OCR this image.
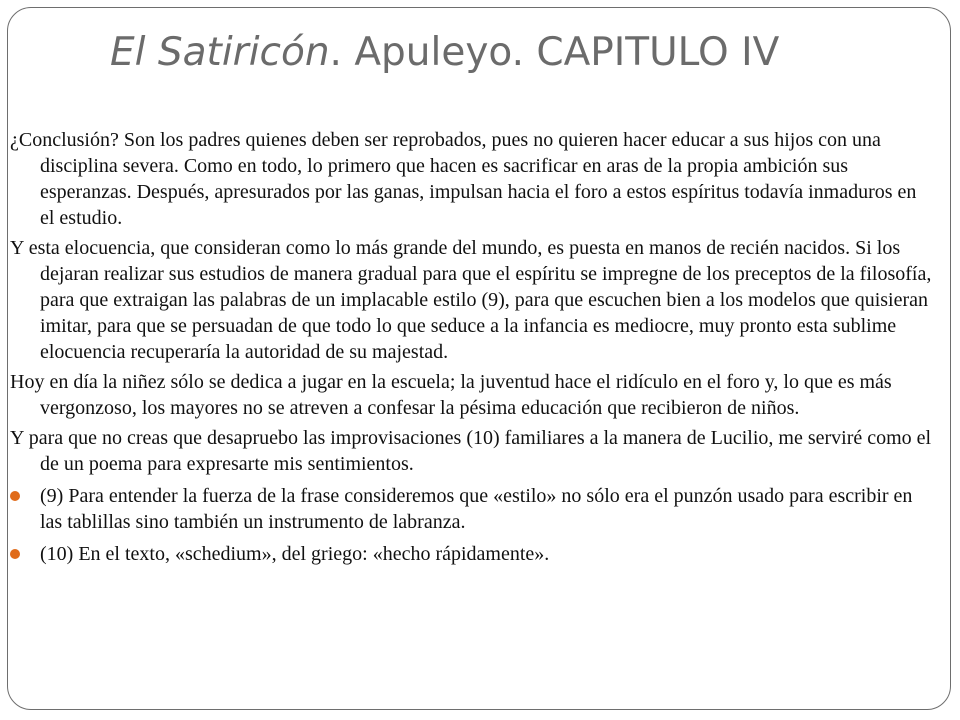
El Satiricón. Apuleyo. CAPITULO IV

¿Conclusión? Son los padres quienes deben ser reprobados, pues no quieren hacer educar a sus hijos con una disciplina severa. Como en todo, lo primero que hacen es sacrificar en aras de la propia ambición sus esperanzas. Después, apresurados por las ganas, impulsan hacia el foro a estos espíritus todavía inmaduros en el estudio.

Y esta elocuencia, que consideran como lo más grande del mundo, es puesta en manos de recién nacidos. Si los dejaran realizar sus estudios de manera gradual para que el espíritu se impregne de los preceptos de la filosofía, para que extraigan las palabras de un implacable estilo (9), para que escuchen bien a los modelos que quisieran imitar, para que se persuadan de que todo lo que seduce a la infancia es mediocre, muy pronto esta sublime elocuencia recuperaría la autoridad de su majestad.

Hoy en día la niñez sólo se dedica a jugar en la escuela; la juventud hace el ridículo en el foro y, lo que es más vergonzoso, los mayores no se atreven a confesar la pésima educación que recibieron de niños.

Y para que no creas que desapruebo las improvisaciones (10) familiares a la manera de Lucilio, me serviré como el de un poema para expresarte mis sentimientos.

(9) Para entender la fuerza de la frase consideremos que «estilo» no sólo era el punzón usado para escribir en las tablillas sino también un instrumento de labranza.
(10) En el texto, «schedium», del griego: «hecho rápidamente».
